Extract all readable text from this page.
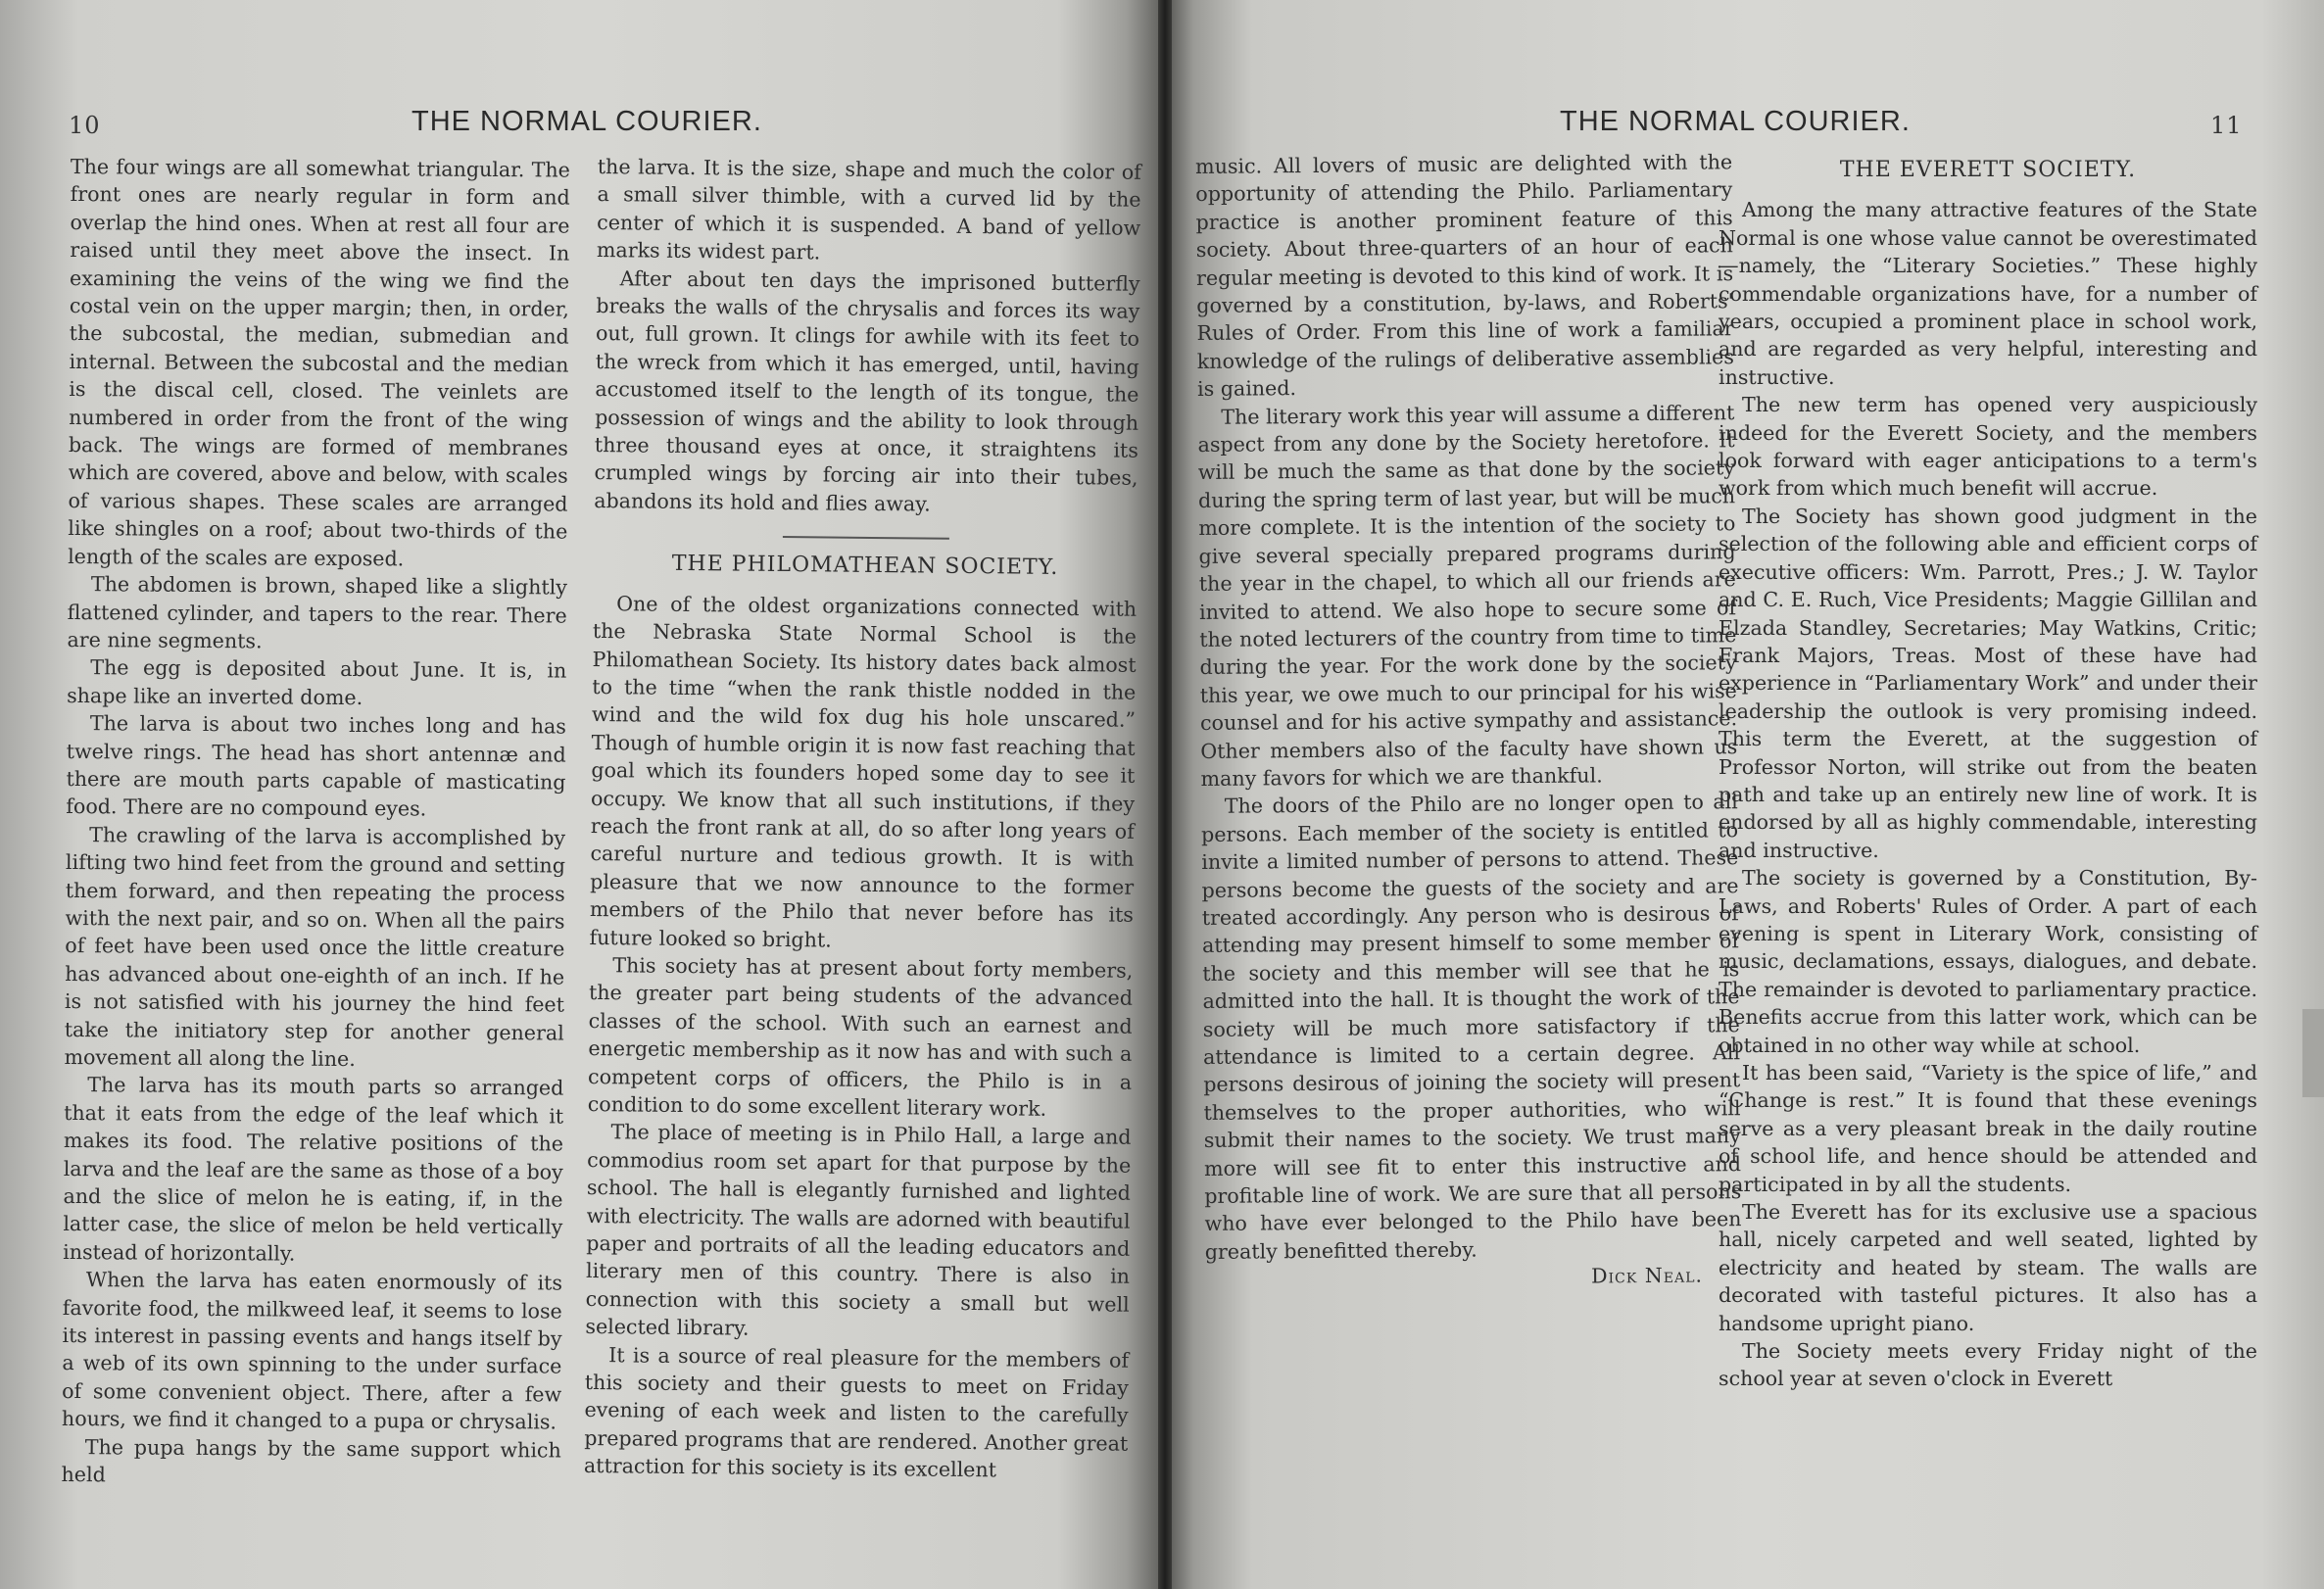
10	THE NORMAL COURIER.

The four wings are all somewhat triangular. The front ones are nearly regular in form and overlap the hind ones. When at rest all four are raised until they meet above the insect. In examining the veins of the wing we find the costal vein on the upper margin; then, in order, the subcostal, the median, submedian and internal. Between the subcostal and the median is the discal cell, closed. The veinlets are numbered in order from the front of the wing back. The wings are formed of membranes which are covered, above and below, with scales of various shapes. These scales are arranged like shingles on a roof; about two-thirds of the length of the scales are exposed.

The abdomen is brown, shaped like a slightly flattened cylinder, and tapers to the rear. There are nine segments.

The egg is deposited about June. It is, in shape like an inverted dome.

The larva is about two inches long and has twelve rings. The head has short antennæ and there are mouth parts capable of masticating food. There are no compound eyes.

The crawling of the larva is accomplished by lifting two hind feet from the ground and setting them forward, and then repeating the process with the next pair, and so on. When all the pairs of feet have been used once the little creature has advanced about one-eighth of an inch. If he is not satisfied with his journey the hind feet take the initiatory step for another general movement all along the line.

The larva has its mouth parts so arranged that it eats from the edge of the leaf which it makes its food. The relative positions of the larva and the leaf are the same as those of a boy and the slice of melon he is eating, if, in the latter case, the slice of melon be held vertically instead of horizontally.

When the larva has eaten enormously of its favorite food, the milkweed leaf, it seems to lose its interest in passing events and hangs itself by a web of its own spinning to the under surface of some convenient object. There, after a few hours, we find it changed to a pupa or chrysalis.

The pupa hangs by the same support which held

the larva. It is the size, shape and much the color of a small silver thimble, with a curved lid by the center of which it is suspended. A band of yellow marks its widest part.

After about ten days the imprisoned butterfly breaks the walls of the chrysalis and forces its way out, full grown. It clings for awhile with its feet to the wreck from which it has emerged, until, having accustomed itself to the length of its tongue, the possession of wings and the ability to look through three thousand eyes at once, it straightens its crumpled wings by forcing air into their tubes, abandons its hold and flies away.

THE PHILOMATHEAN SOCIETY.

One of the oldest organizations connected with the Nebraska State Normal School is the Philomathean Society. Its history dates back almost to the time “when the rank thistle nodded in the wind and the wild fox dug his hole unscared.” Though of humble origin it is now fast reaching that goal which its founders hoped some day to see it occupy. We know that all such institutions, if they reach the front rank at all, do so after long years of careful nurture and tedious growth. It is with pleasure that we now announce to the former members of the Philo that never before has its future looked so bright.

This society has at present about forty members, the greater part being students of the advanced classes of the school. With such an earnest and energetic membership as it now has and with such a competent corps of officers, the Philo is in a condition to do some excellent literary work.

The place of meeting is in Philo Hall, a large and commodius room set apart for that purpose by the school. The hall is elegantly furnished and lighted with electricity. The walls are adorned with beautiful paper and portraits of all the leading educators and literary men of this country. There is also in connection with this society a small but well selected library.

It is a source of real pleasure for the members of this society and their guests to meet on Friday evening of each week and listen to the carefully prepared programs that are rendered. Another great attraction for this society is its excellent

THE NORMAL COURIER.	11

music. All lovers of music are delighted with the opportunity of attending the Philo. Parliamentary practice is another prominent feature of this society. About three-quarters of an hour of each regular meeting is devoted to this kind of work. It is governed by a constitution, by-laws, and Roberts' Rules of Order. From this line of work a familiar knowledge of the rulings of deliberative assemblies is gained.

The literary work this year will assume a different aspect from any done by the Society heretofore. It will be much the same as that done by the society during the spring term of last year, but will be much more complete. It is the intention of the society to give several specially prepared programs during the year in the chapel, to which all our friends are invited to attend. We also hope to secure some of the noted lecturers of the country from time to time during the year. For the work done by the society this year, we owe much to our principal for his wise counsel and for his active sympathy and assistance. Other members also of the faculty have shown us many favors for which we are thankful.

The doors of the Philo are no longer open to all persons. Each member of the society is entitled to invite a limited number of persons to attend. These persons become the guests of the society and are treated accordingly. Any person who is desirous of attending may present himself to some member of the society and this member will see that he is admitted into the hall. It is thought the work of the society will be much more satisfactory if the attendance is limited to a certain degree. All persons desirous of joining the society will present themselves to the proper authorities, who will submit their names to the society. We trust many more will see fit to enter this instructive and profitable line of work. We are sure that all persons who have ever belonged to the Philo have been greatly benefitted thereby.

Dick Neal.

THE EVERETT SOCIETY.

Among the many attractive features of the State Normal is one whose value cannot be overestimated—namely, the “Literary Societies.” These highly commendable organizations have, for a number of years, occupied a prominent place in school work, and are regarded as very helpful, interesting and instructive.

The new term has opened very auspiciously indeed for the Everett Society, and the members look forward with eager anticipations to a term's work from which much benefit will accrue.

The Society has shown good judgment in the selection of the following able and efficient corps of executive officers: Wm. Parrott, Pres.; J. W. Taylor and C. E. Ruch, Vice Presidents; Maggie Gillilan and Elzada Standley, Secretaries; May Watkins, Critic; Frank Majors, Treas. Most of these have had experience in “Parliamentary Work” and under their leadership the outlook is very promising indeed. This term the Everett, at the suggestion of Professor Norton, will strike out from the beaten path and take up an entirely new line of work. It is endorsed by all as highly commendable, interesting and instructive.

The society is governed by a Constitution, By-Laws, and Roberts' Rules of Order. A part of each evening is spent in Literary Work, consisting of music, declamations, essays, dialogues, and debate. The remainder is devoted to parliamentary practice. Benefits accrue from this latter work, which can be obtained in no other way while at school.

It has been said, “Variety is the spice of life,” and “Change is rest.” It is found that these evenings serve as a very pleasant break in the daily routine of school life, and hence should be attended and participated in by all the students.

The Everett has for its exclusive use a spacious hall, nicely carpeted and well seated, lighted by electricity and heated by steam. The walls are decorated with tasteful pictures. It also has a handsome upright piano.

The Society meets every Friday night of the school year at seven o'clock in Everett
